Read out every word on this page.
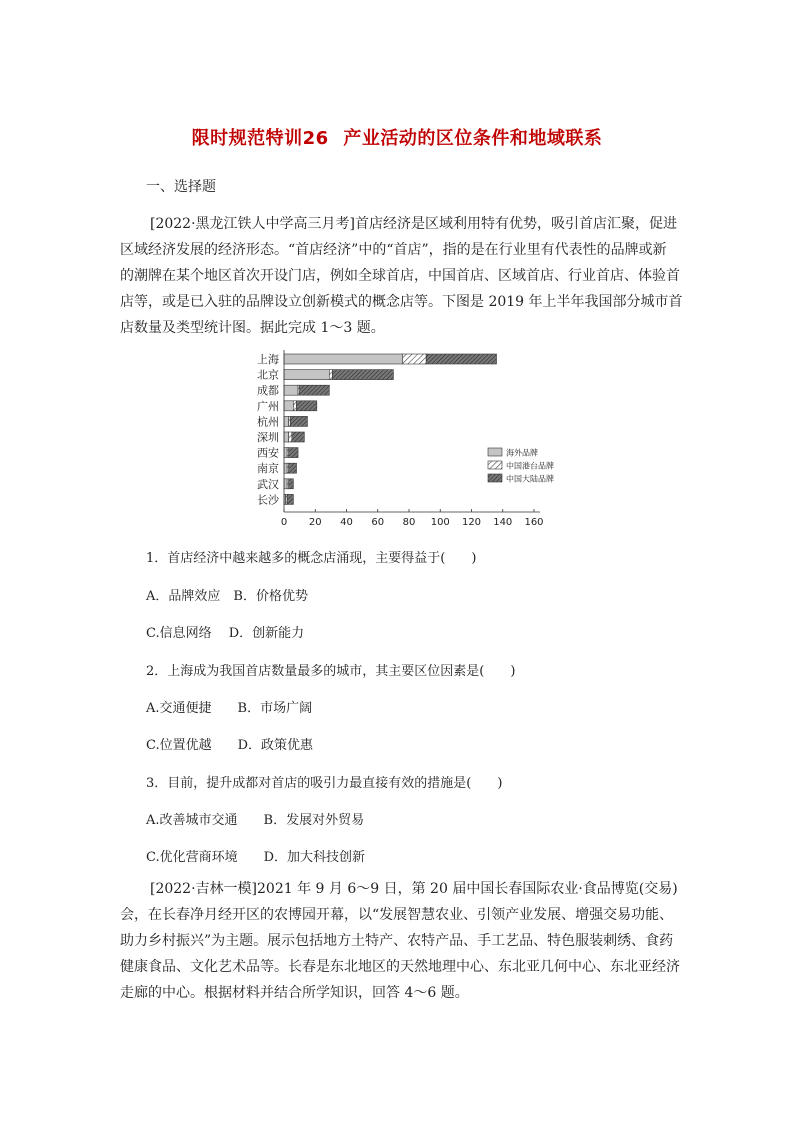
限时规范特训26 产业活动的区位条件和地域联系
一、选择题
[2022·黑龙江铁人中学高三月考]首店经济是区域利用特有优势，吸引首店汇聚，促进
区域经济发展的经济形态。“首店经济”中的“首店”，指的是在行业里有代表性的品牌或新
的潮牌在某个地区首次开设门店，例如全球首店，中国首店、区域首店、行业首店、体验首
店等，或是已入驻的品牌设立创新模式的概念店等。下图是 2019 年上半年我国部分城市首
店数量及类型统计图。据此完成 1～3 题。
上海
北京
成都
广州
杭州
深圳
西安
南京
武汉
长沙
0 20 40 60 80 100 120 140 160
海外品牌
中国港台品牌
中国大陆品牌
1．首店经济中越来越多的概念店涌现，主要得益于(　　)
A．品牌效应　B．价格优势
C.信息网络　 D．创新能力
2．上海成为我国首店数量最多的城市，其主要区位因素是(　　)
A.交通便捷　　B．市场广阔
C.位置优越　　D．政策优惠
3．目前，提升成都对首店的吸引力最直接有效的措施是(　　)
A.改善城市交通　　B．发展对外贸易
C.优化营商环境　　D．加大科技创新
[2022·吉林一模]2021 年 9 月 6～9 日，第 20 届中国长春国际农业·食品博览(交易)
会，在长春净月经开区的农博园开幕，以“发展智慧农业、引领产业发展、增强交易功能、
助力乡村振兴”为主题。展示包括地方土特产、农特产品、手工艺品、特色服装刺绣、食药
健康食品、文化艺术品等。长春是东北地区的天然地理中心、东北亚几何中心、东北亚经济
走廊的中心。根据材料并结合所学知识，回答 4～6 题。
